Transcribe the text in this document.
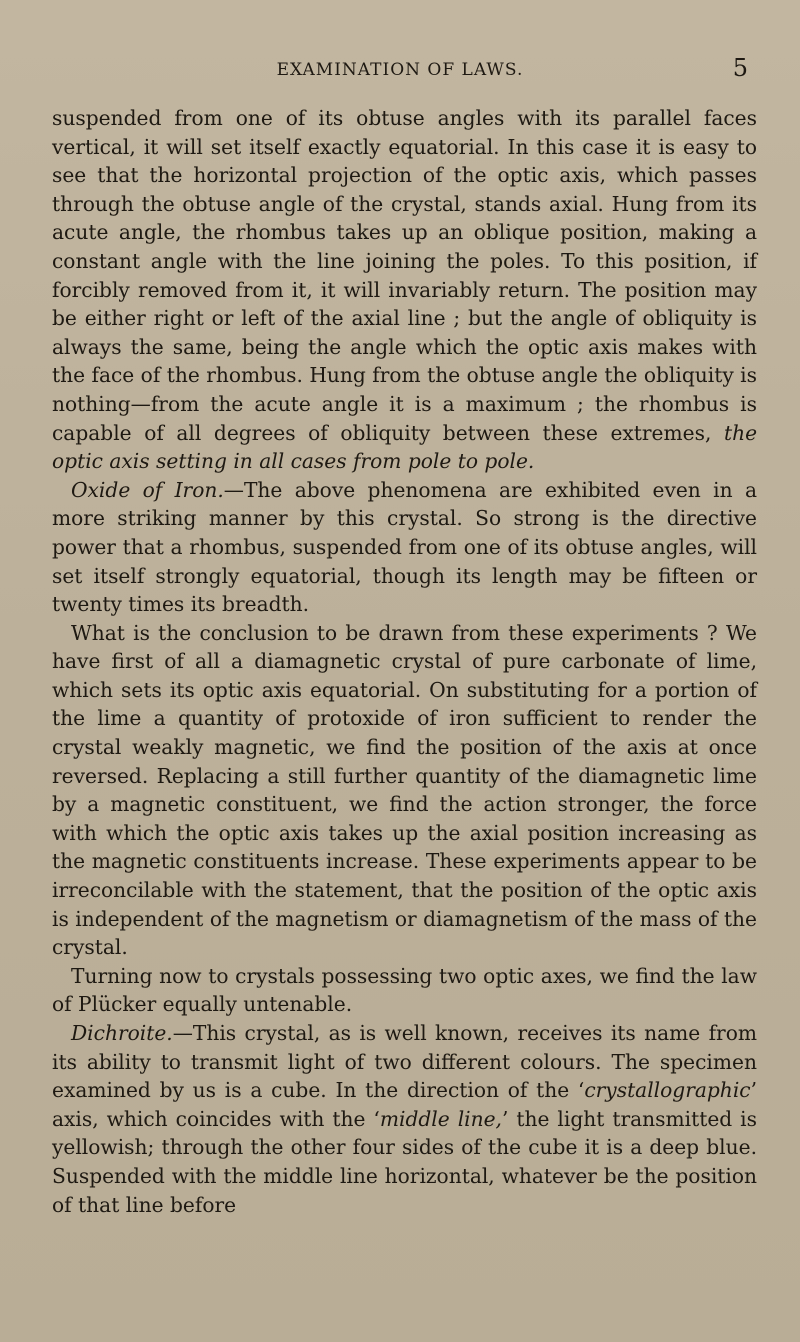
EXAMINATION OF LAWS.	5

suspended from one of its obtuse angles with its parallel faces vertical, it will set itself exactly equatorial. In this case it is easy to see that the horizontal projection of the optic axis, which passes through the obtuse angle of the crystal, stands axial. Hung from its acute angle, the rhombus takes up an oblique position, making a constant angle with the line joining the poles. To this position, if forcibly removed from it, it will invariably return. The position may be either right or left of the axial line ; but the angle of obliquity is always the same, being the angle which the optic axis makes with the face of the rhombus. Hung from the obtuse angle the obliquity is nothing—from the acute angle it is a maximum ; the rhombus is capable of all degrees of obliquity between these extremes, the optic axis setting in all cases from pole to pole.

Oxide of Iron.—The above phenomena are exhibited even in a more striking manner by this crystal. So strong is the directive power that a rhombus, suspended from one of its obtuse angles, will set itself strongly equatorial, though its length may be fifteen or twenty times its breadth.

What is the conclusion to be drawn from these experiments ? We have first of all a diamagnetic crystal of pure carbonate of lime, which sets its optic axis equatorial. On substituting for a portion of the lime a quantity of protoxide of iron sufficient to render the crystal weakly magnetic, we find the position of the axis at once reversed. Replacing a still further quantity of the diamagnetic lime by a magnetic constituent, we find the action stronger, the force with which the optic axis takes up the axial position increasing as the magnetic constituents increase. These experiments appear to be irreconcilable with the statement, that the position of the optic axis is independent of the magnetism or diamagnetism of the mass of the crystal.

Turning now to crystals possessing two optic axes, we find the law of Plücker equally untenable.

Dichroite.—This crystal, as is well known, receives its name from its ability to transmit light of two different colours. The specimen examined by us is a cube. In the direction of the ‘crystallographic’ axis, which coincides with the ‘middle line,’ the light transmitted is yellowish; through the other four sides of the cube it is a deep blue. Suspended with the middle line horizontal, whatever be the position of that line before
